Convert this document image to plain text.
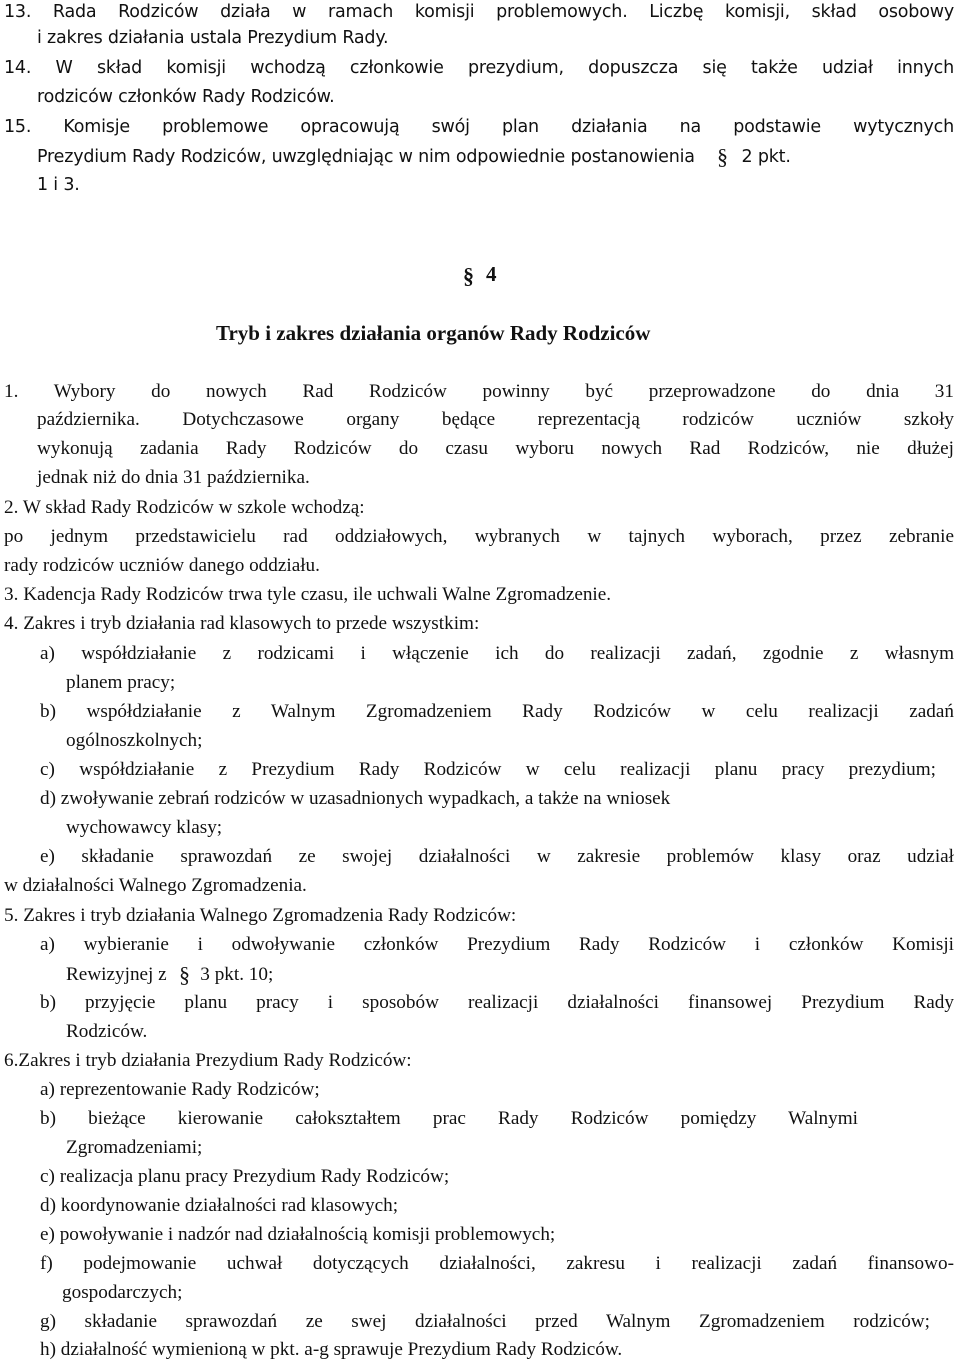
13. Rada Rodziców działa w ramach komisji problemowych. Liczbę komisji, skład osobowy
i zakres działania ustala Prezydium Rady.
14. W skład komisji wchodzą członkowie prezydium, dopuszcza się także udział innych
rodziców członków Rady Rodziców.
15. Komisje problemowe opracowują swój plan działania na podstawie wytycznych
Prezydium Rady Rodziców, uwzględniając w nim odpowiednie postanowienia § 2 pkt.
1 i 3.
§ 4
Tryb i zakres działania organów Rady Rodziców
1. Wybory do nowych Rad Rodziców powinny być przeprowadzone do dnia 31
października. Dotychczasowe organy będące reprezentacją rodziców uczniów szkoły
wykonują zadania Rady Rodziców do czasu wyboru nowych Rad Rodziców, nie dłużej
jednak niż do dnia 31 października.
2. W skład Rady Rodziców w szkole wchodzą:
po jednym przedstawicielu rad oddziałowych, wybranych w tajnych wyborach, przez zebranie
rady rodziców uczniów danego oddziału.
3. Kadencja Rady Rodziców trwa tyle czasu, ile uchwali Walne Zgromadzenie.
4. Zakres i tryb działania rad klasowych to przede wszystkim:
a) współdziałanie z rodzicami i włączenie ich do realizacji zadań, zgodnie z własnym
planem pracy;
b) współdziałanie z Walnym Zgromadzeniem Rady Rodziców w celu realizacji zadań
ogólnoszkolnych;
c) współdziałanie z Prezydium Rady Rodziców w celu realizacji planu pracy prezydium;
d) zwoływanie zebrań rodziców w uzasadnionych wypadkach, a także na wniosek
wychowawcy klasy;
e) składanie sprawozdań ze swojej działalności w zakresie problemów klasy oraz udział
w działalności Walnego Zgromadzenia.
5. Zakres i tryb działania Walnego Zgromadzenia Rady Rodziców:
a) wybieranie i odwoływanie członków Prezydium Rady Rodziców i członków Komisji
Rewizyjnej z § 3 pkt. 10;
b) przyjęcie planu pracy i sposobów realizacji działalności finansowej Prezydium Rady
Rodziców.
6.Zakres i tryb działania Prezydium Rady Rodziców:
a) reprezentowanie Rady Rodziców;
b) bieżące kierowanie całokształtem prac Rady Rodziców pomiędzy Walnymi
Zgromadzeniami;
c) realizacja planu pracy Prezydium Rady Rodziców;
d) koordynowanie działalności rad klasowych;
e) powoływanie i nadzór nad działalnością komisji problemowych;
f) podejmowanie uchwał dotyczących działalności, zakresu i realizacji zadań finansowo-
gospodarczych;
g) składanie sprawozdań ze swej działalności przed Walnym Zgromadzeniem rodziców;
h) działalność wymienioną w pkt. a-g sprawuje Prezydium Rady Rodziców.
